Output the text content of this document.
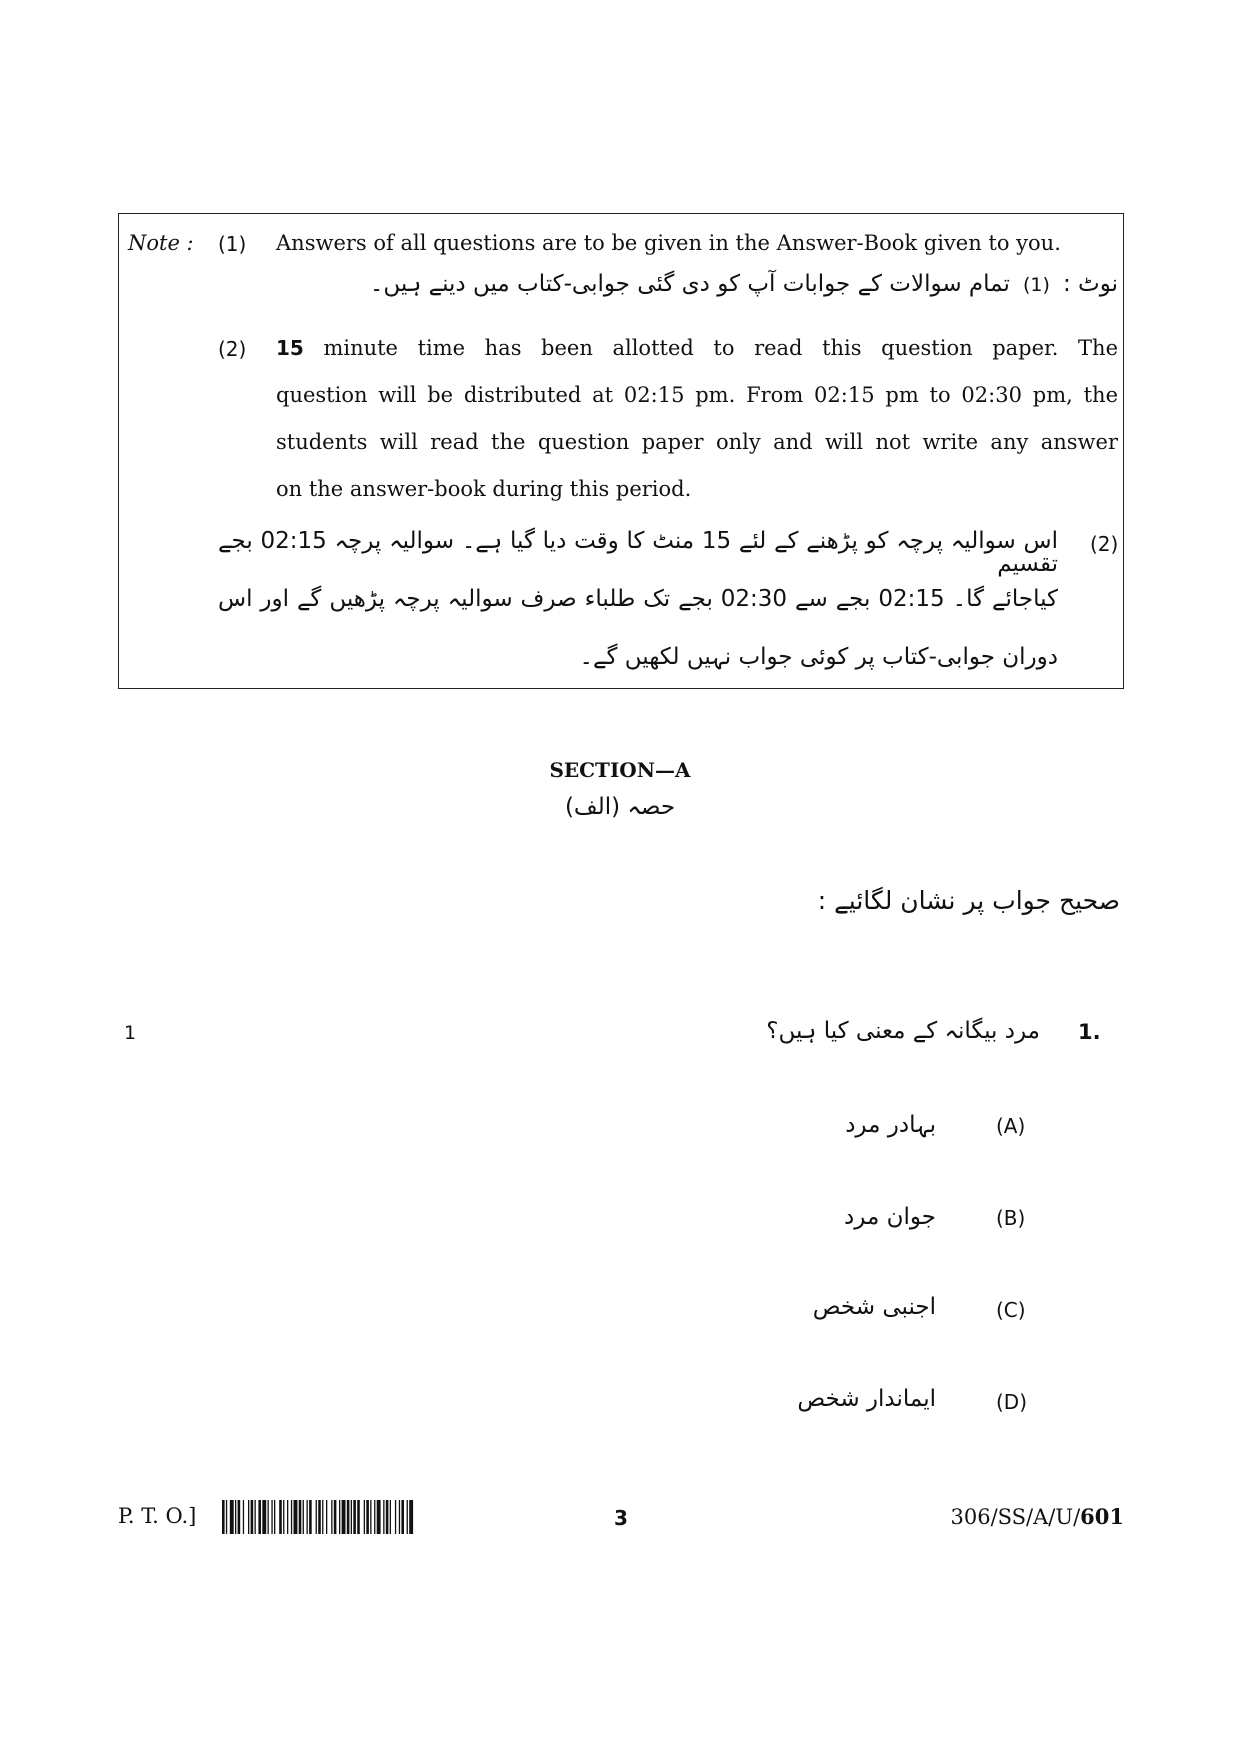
Note : (1) Answers of all questions are to be given in the Answer-Book given to you.
نوٹ : (1) تمام سوالات کے جوابات آپ کو دی گئی جوابی-کتاب میں دینے ہیں۔
(2) 15 minute time has been allotted to read this question paper. The
question will be distributed at 02:15 pm. From 02:15 pm to 02:30 pm, the
students will read the question paper only and will not write any answer
on the answer-book during this period.
(2)
اس سوالیہ پرچہ کو پڑھنے کے لئے 15 منٹ کا وقت دیا گیا ہے۔ سوالیہ پرچہ 02:15 بجے تقسیم
کیاجائے گا۔ 02:15 بجے سے 02:30 بجے تک طلباء صرف سوالیہ پرچہ پڑھیں گے اور اس
دوران جوابی-کتاب پر کوئی جواب نہیں لکھیں گے۔
SECTION—A
حصہ (الف)
صحیح جواب پر نشان لگائیے :
1	1.
مرد بیگانہ کے معنی کیا ہیں؟
(A)
بہادر مرد
(B)
جوان مرد
(C)
اجنبی شخص
(D)
ایماندار شخص
P. T. O.]	3	306/SS/A/U/601
